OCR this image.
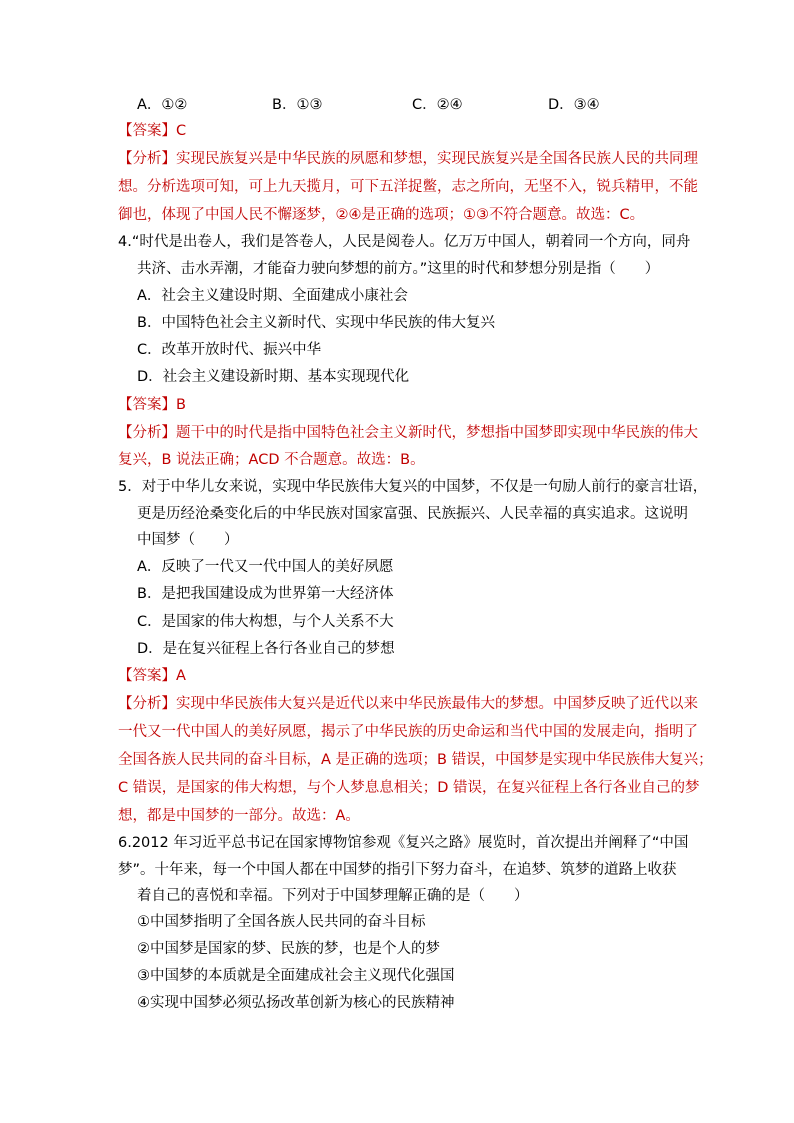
A．①②	B．①③	C．②④	D．③④
【答案】C
【分析】实现民族复兴是中华民族的夙愿和梦想，实现民族复兴是全国各民族人民的共同理
想。分析选项可知，可上九天揽月，可下五洋捉鳖，志之所向，无坚不入，锐兵精甲，不能
御也，体现了中国人民不懈逐梦，②④是正确的选项；①③不符合题意。故选：C。
4.“时代是出卷人，我们是答卷人，人民是阅卷人。亿万万中国人，朝着同一个方向，同舟
共济、击水弄潮，才能奋力驶向梦想的前方。”这里的时代和梦想分别是指（　　）
A．社会主义建设时期、全面建成小康社会
B．中国特色社会主义新时代、实现中华民族的伟大复兴
C．改革开放时代、振兴中华
D．社会主义建设新时期、基本实现现代化
【答案】B
【分析】题干中的时代是指中国特色社会主义新时代，梦想指中国梦即实现中华民族的伟大
复兴，B 说法正确；ACD 不合题意。故选：B。
5．对于中华儿女来说，实现中华民族伟大复兴的中国梦，不仅是一句励人前行的豪言壮语，
更是历经沧桑变化后的中华民族对国家富强、民族振兴、人民幸福的真实追求。这说明
中国梦（　　）
A．反映了一代又一代中国人的美好夙愿
B．是把我国建设成为世界第一大经济体
C．是国家的伟大构想，与个人关系不大
D．是在复兴征程上各行各业自己的梦想
【答案】A
【分析】实现中华民族伟大复兴是近代以来中华民族最伟大的梦想。中国梦反映了近代以来
一代又一代中国人的美好夙愿，揭示了中华民族的历史命运和当代中国的发展走向，指明了
全国各族人民共同的奋斗目标，A 是正确的选项；B 错误，中国梦是实现中华民族伟大复兴；
C 错误，是国家的伟大构想，与个人梦息息相关；D 错误，在复兴征程上各行各业自己的梦
想，都是中国梦的一部分。故选：A。
6.2012 年习近平总书记在国家博物馆参观《复兴之路》展览时，首次提出并阐释了“中国
梦”。十年来，每一个中国人都在中国梦的指引下努力奋斗，在追梦、筑梦的道路上收获
着自己的喜悦和幸福。下列对于中国梦理解正确的是（　　）
①中国梦指明了全国各族人民共同的奋斗目标
②中国梦是国家的梦、民族的梦，也是个人的梦
③中国梦的本质就是全面建成社会主义现代化强国
④实现中国梦必须弘扬改革创新为核心的民族精神
